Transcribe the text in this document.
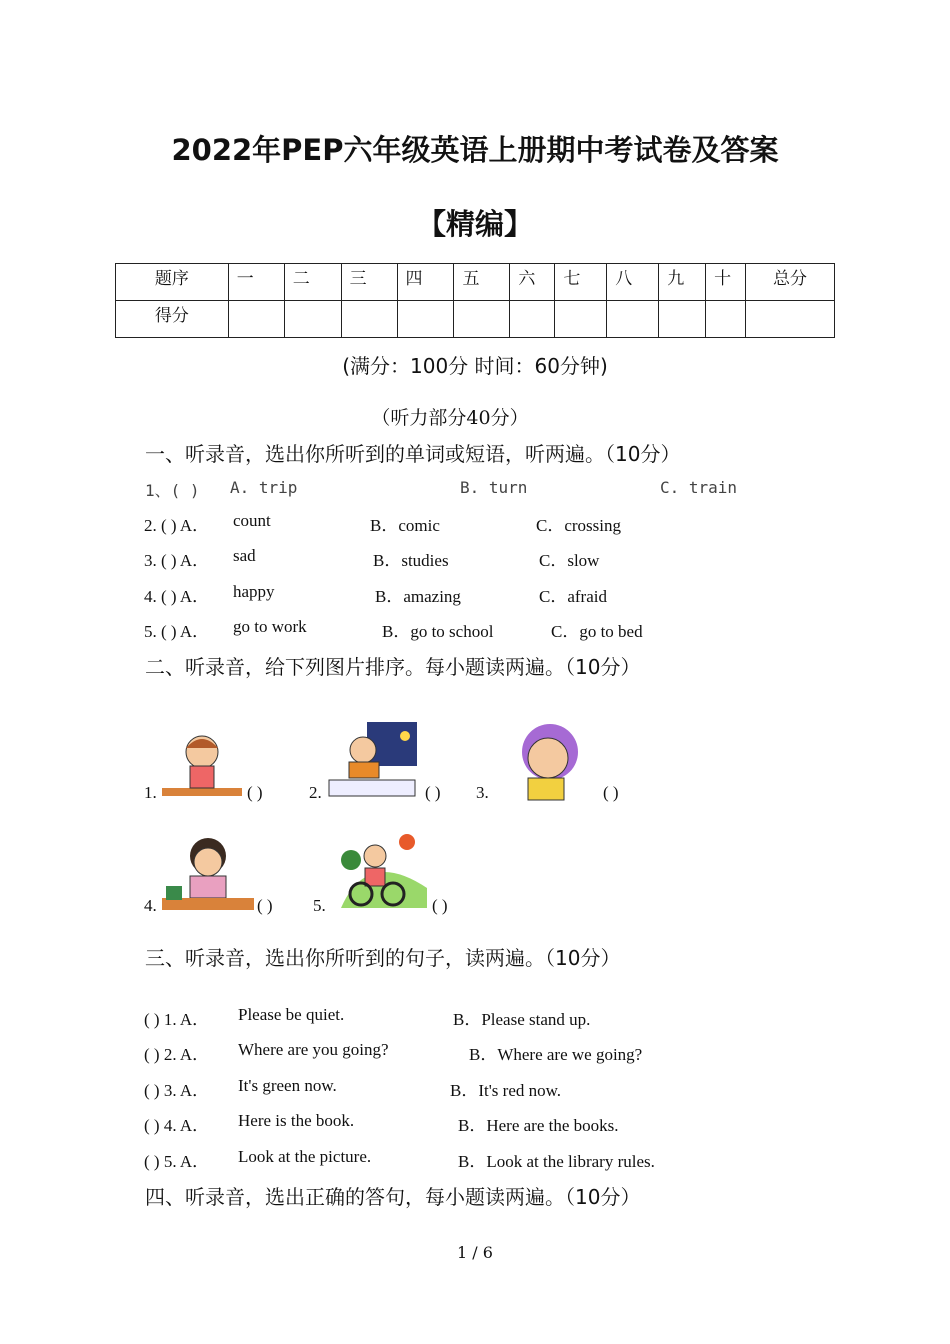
2022年PEP六年级英语上册期中考试卷及答案
【精编】
题序	一	二	三	四	五	六	七	八	九	十	总分
得分											
(满分：100分 时间：60分钟)
（听力部分40分）
一、听录音，选出你所听到的单词或短语，听两遍。（10分）
1、( ) A. trip	B. turn	C. train
2. ( ) A． count	B．comic	C．crossing
3. ( ) A． sad	B．studies	C．slow
4. ( ) A． happy	B．amazing	C．afraid
5. ( ) A． go to work	B．go to school	C．go to bed
二、听录音，给下列图片排序。每小题读两遍。（10分）
1.	( )	2.	( ) 3.	( )
4.	( ) 5.	( )
三、听录音，选出你所听到的句子，读两遍。（10分）
( ) 1. A． Please be quiet.	B．Please stand up.
( ) 2. A． Where are you going?	B．Where are we going?
( ) 3. A． It's green now.	B．It's red now.
( ) 4. A． Here is the book.	B．Here are the books.
( ) 5. A． Look at the picture.	B．Look at the library rules.
四、听录音，选出正确的答句，每小题读两遍。（10分）
1 / 6
